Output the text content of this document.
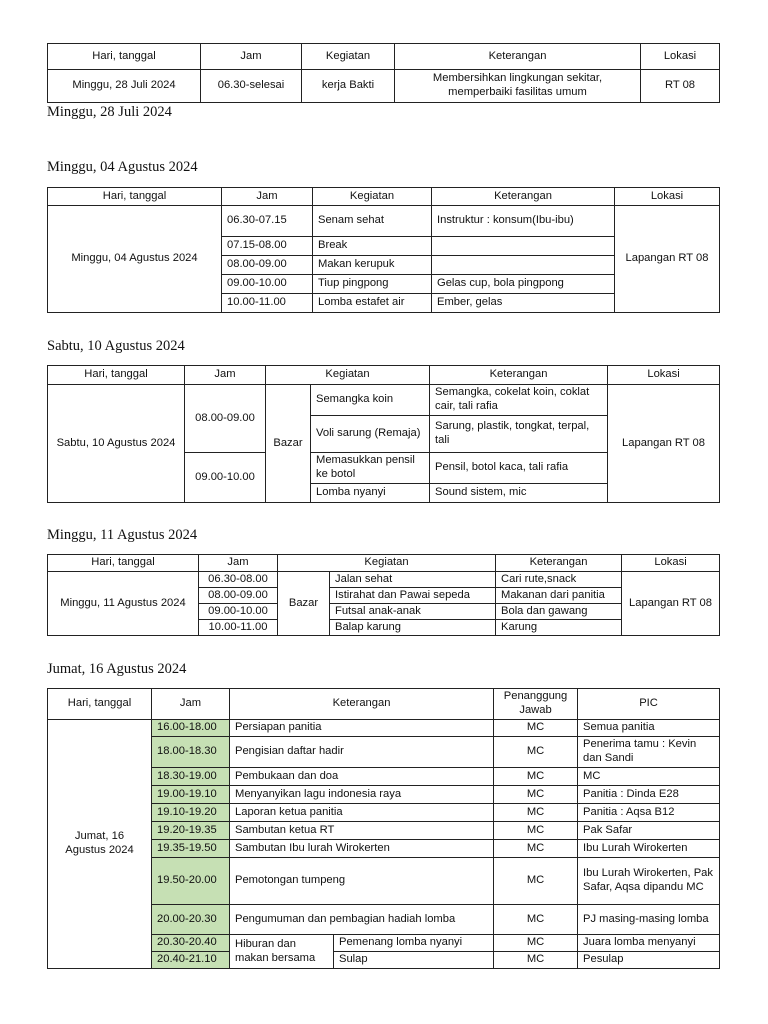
Hari, tanggal	Jam	Kegiatan	Keterangan	Lokasi
Minggu, 28 Juli 2024	06.30-selesai	kerja Bakti	Membersihkan lingkungan sekitar, memperbaiki fasilitas umum	RT 08
Minggu, 28 Juli 2024
Minggu, 04 Agustus 2024
Hari, tanggal	Jam	Kegiatan	Keterangan	Lokasi
Minggu, 04 Agustus 2024	06.30-07.15	Senam sehat	Instruktur : konsum(Ibu-ibu)	Lapangan RT 08
	07.15-08.00	Break		
	08.00-09.00	Makan kerupuk		
	09.00-10.00	Tiup pingpong	Gelas cup, bola pingpong	
	10.00-11.00	Lomba estafet air	Ember, gelas	
Sabtu, 10 Agustus 2024
Hari, tanggal	Jam	Kegiatan		Keterangan	Lokasi
Sabtu, 10 Agustus 2024	08.00-09.00	Bazar	Semangka koin	Semangka, cokelat koin, coklat cair, tali rafia	Lapangan RT 08
			Voli sarung (Remaja)	Sarung, plastik, tongkat, terpal, tali	
	09.00-10.00		Memasukkan pensil ke botol	Pensil, botol kaca, tali rafia	
			Lomba nyanyi	Sound sistem, mic	
Minggu, 11 Agustus 2024
Hari, tanggal	Jam	Kegiatan		Keterangan	Lokasi
Minggu, 11 Agustus 2024	06.30-08.00	Bazar	Jalan sehat	Cari rute,snack	Lapangan RT 08
	08.00-09.00		Istirahat dan Pawai sepeda	Makanan dari panitia	
	09.00-10.00		Futsal anak-anak	Bola dan gawang	
	10.00-11.00		Balap karung	Karung	
Jumat, 16 Agustus 2024
Hari, tanggal	Jam	Keterangan		Penanggung Jawab	PIC
Jumat, 16 Agustus 2024	16.00-18.00	Persiapan panitia		MC	Semua panitia
	18.00-18.30	Pengisian daftar hadir		MC	Penerima tamu : Kevin dan Sandi
	18.30-19.00	Pembukaan dan doa		MC	MC
	19.00-19.10	Menyanyikan lagu indonesia raya		MC	Panitia : Dinda E28
	19.10-19.20	Laporan ketua panitia		MC	Panitia : Aqsa B12
	19.20-19.35	Sambutan ketua RT		MC	Pak Safar
	19.35-19.50	Sambutan Ibu lurah Wirokerten		MC	Ibu Lurah Wirokerten
	19.50-20.00	Pemotongan tumpeng		MC	Ibu Lurah Wirokerten, Pak Safar, Aqsa dipandu MC
	20.00-20.30	Pengumuman dan pembagian hadiah lomba		MC	PJ masing-masing lomba
	20.30-20.40	Hiburan dan makan bersama	Pemenang lomba nyanyi	MC	Juara lomba menyanyi
	20.40-21.10		Sulap	MC	Pesulap
